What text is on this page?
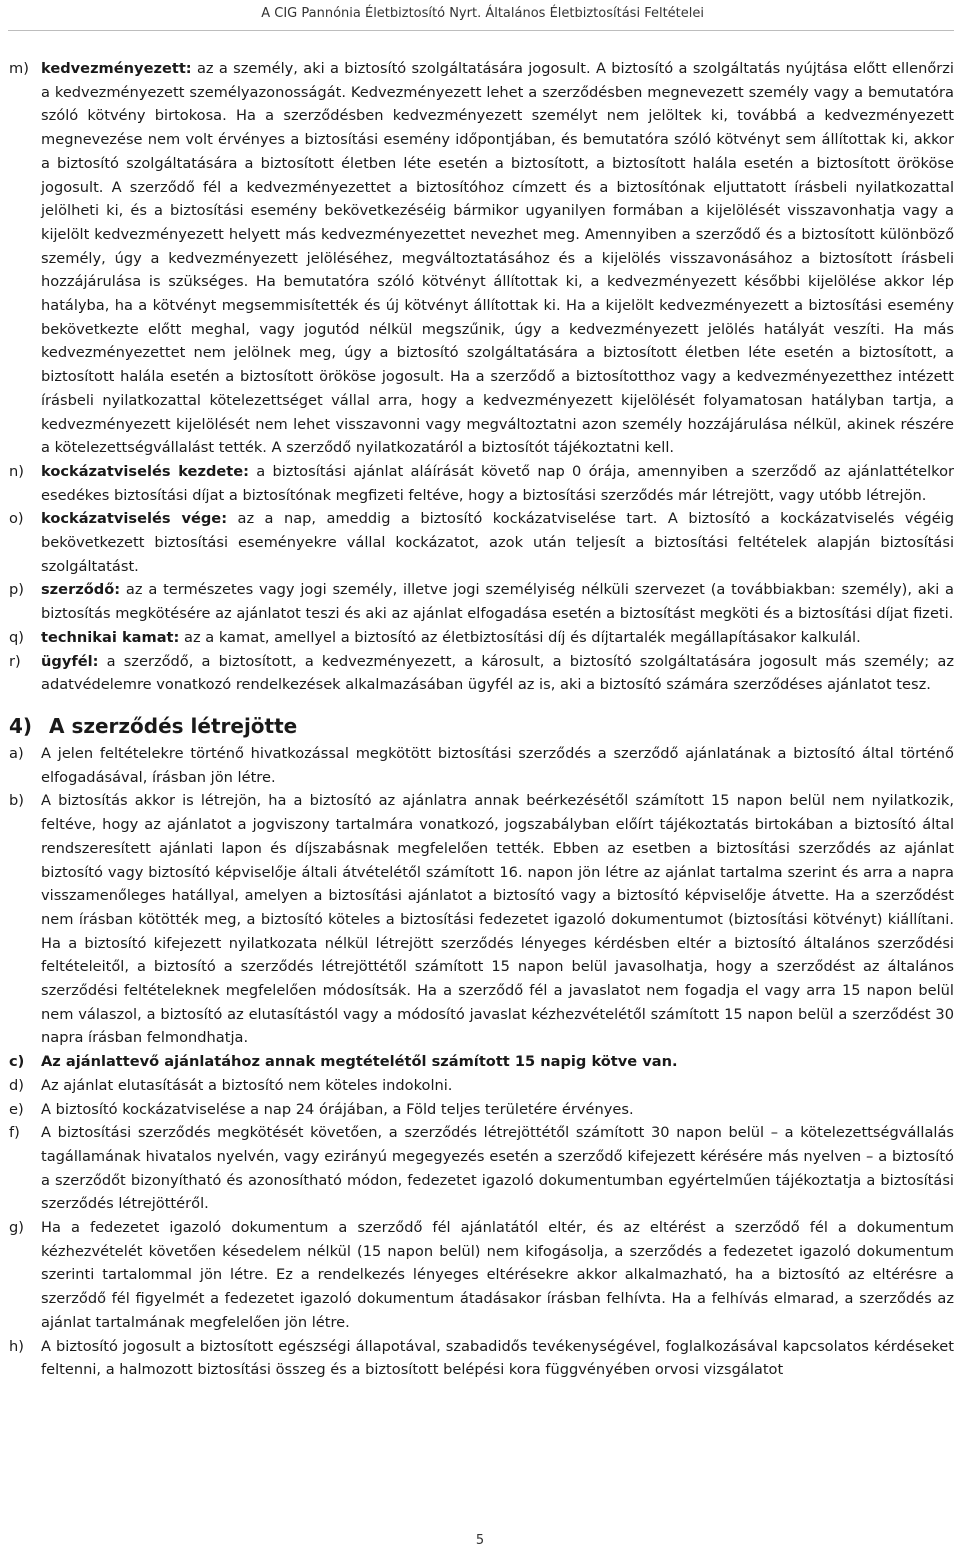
A CIG Pannónia Életbiztosító Nyrt. Általános Életbiztosítási Feltételei
m) kedvezményezett: az a személy, aki a biztosító szolgáltatására jogosult. A biztosító a szolgáltatás nyújtása előtt ellenőrzi a kedvezményezett személyazonosságát. Kedvezményezett lehet a szerződésben megnevezett személy vagy a bemutatóra szóló kötvény birtokosa. Ha a szerződésben kedvezményezett személyt nem jelöltek ki, továbbá a kedvezményezett megnevezése nem volt érvényes a biztosítási esemény időpontjában, és bemutatóra szóló kötvényt sem állítottak ki, akkor a biztosító szolgáltatására a biztosított életben léte esetén a biztosított, a biztosított halála esetén a biztosított örököse jogosult. A szerződő fél a kedvezményezettet a biztosítóhoz címzett és a biztosítónak eljuttatott írásbeli nyilatkozattal jelölheti ki, és a biztosítási esemény bekövetkezéséig bármikor ugyanilyen formában a kijelölését visszavonhatja vagy a kijelölt kedvezményezett helyett más kedvezményezettet nevezhet meg. Amennyiben a szerződő és a biztosított különböző személy, úgy a kedvezményezett jelöléséhez, megváltoztatásához és a kijelölés visszavonásához a biztosított írásbeli hozzájárulása is szükséges. Ha bemutatóra szóló kötvényt állítottak ki, a kedvezményezett későbbi kijelölése akkor lép hatályba, ha a kötvényt megsemmisítették és új kötvényt állítottak ki. Ha a kijelölt kedvezményezett a biztosítási esemény bekövetkezte előtt meghal, vagy jogutód nélkül megszűnik, úgy a kedvezményezett jelölés hatályát veszíti. Ha más kedvezményezettet nem jelölnek meg, úgy a biztosító szolgáltatására a biztosított életben léte esetén a biztosított, a biztosított halála esetén a biztosított örököse jogosult. Ha a szerződő a biztosítotthoz vagy a kedvezményezetthez intézett írásbeli nyilatkozattal kötelezettséget vállal arra, hogy a kedvezményezett kijelölését folyamatosan hatályban tartja, a kedvezményezett kijelölését nem lehet visszavonni vagy megváltoztatni azon személy hozzájárulása nélkül, akinek részére a kötelezettségvállalást tették. A szerződő nyilatkozatáról a biztosítót tájékoztatni kell.
n)	kockázatviselés kezdete: a biztosítási ajánlat aláírását követő nap 0 órája, amennyiben a szerződő az ajánlattételkor esedékes biztosítási díjat a biztosítónak megfizeti feltéve, hogy a biztosítási szerződés már létrejött, vagy utóbb létrejön.
o)	kockázatviselés vége: az a nap, ameddig a biztosító kockázatviselése tart. A biztosító a kockázatviselés végéig bekövetkezett biztosítási eseményekre vállal kockázatot, azok után teljesít a biztosítási feltételek alapján biztosítási szolgáltatást.
p)	szerződő: az a természetes vagy jogi személy, illetve jogi személyiség nélküli szervezet (a továbbiakban: személy), aki a biztosítás megkötésére az ajánlatot teszi és aki az ajánlat elfogadása esetén a biztosítást megköti és a biztosítási díjat fizeti.
q)	technikai kamat: az a kamat, amellyel a biztosító az életbiztosítási díj és díjtartalék megállapításakor kalkulál.
r)	ügyfél: a szerződő, a biztosított, a kedvezményezett, a károsult, a biztosító szolgáltatására jogosult más személy; az adatvédelemre vonatkozó rendelkezések alkalmazásában ügyfél az is, aki a biztosító számára szerződéses ajánlatot tesz.
4) A szerződés létrejötte
a)	A jelen feltételekre történő hivatkozással megkötött biztosítási szerződés a szerződő ajánlatának a biztosító által történő elfogadásával, írásban jön létre.
b)	A biztosítás akkor is létrejön, ha a biztosító az ajánlatra annak beérkezésétől számított 15 napon belül nem nyilatkozik, feltéve, hogy az ajánlatot a jogviszony tartalmára vonatkozó, jogszabályban előírt tájékoztatás birtokában a biztosító által rendszeresített ajánlati lapon és díjszabásnak megfelelően tették. Ebben az esetben a biztosítási szerződés az ajánlat biztosító vagy biztosító képviselője általi átvételétől számított 16. napon jön létre az ajánlat tartalma szerint és arra a napra visszamenőleges hatállyal, amelyen a biztosítási ajánlatot a biztosító vagy a biztosító képviselője átvette. Ha a szerződést nem írásban kötötték meg, a biztosító köteles a biztosítási fedezetet igazoló dokumentumot (biztosítási kötvényt) kiállítani. Ha a biztosító kifejezett nyilatkozata nélkül létrejött szerződés lényeges kérdésben eltér a biztosító általános szerződési feltételeitől, a biztosító a szerződés létrejöttétől számított 15 napon belül javasolhatja, hogy a szerződést az általános szerződési feltételeknek megfelelően módosítsák. Ha a szerződő fél a javaslatot nem fogadja el vagy arra 15 napon belül nem válaszol, a biztosító az elutasítástól vagy a módosító javaslat kézhezvételétől számított 15 napon belül a szerződést 30 napra írásban felmondhatja.
c)	Az ajánlattevő ajánlatához annak megtételétől számított 15 napig kötve van.
d)	Az ajánlat elutasítását a biztosító nem köteles indokolni.
e)	A biztosító kockázatviselése a nap 24 órájában, a Föld teljes területére érvényes.
f)	A biztosítási szerződés megkötését követően, a szerződés létrejöttétől számított 30 napon belül – a kötelezettségvállalás tagállamának hivatalos nyelvén, vagy ezirányú megegyezés esetén a szerződő kifejezett kérésére más nyelven – a biztosító a szerződőt bizonyítható és azonosítható módon, fedezetet igazoló dokumentumban egyértelműen tájékoztatja a biztosítási szerződés létrejöttéről.
g)	Ha a fedezetet igazoló dokumentum a szerződő fél ajánlatától eltér, és az eltérést a szerződő fél a dokumentum kézhezvételét követően késedelem nélkül (15 napon belül) nem kifogásolja, a szerződés a fedezetet igazoló dokumentum szerinti tartalommal jön létre. Ez a rendelkezés lényeges eltérésekre akkor alkalmazható, ha a biztosító az eltérésre a szerződő fél figyelmét a fedezetet igazoló dokumentum átadásakor írásban felhívta. Ha a felhívás elmarad, a szerződés az ajánlat tartalmának megfelelően jön létre.
h)	A biztosító jogosult a biztosított egészségi állapotával, szabadidős tevékenységével, foglalkozásával kapcsolatos kérdéseket feltenni, a halmozott biztosítási összeg és a biztosított belépési kora függvényében orvosi vizsgálatot
5
